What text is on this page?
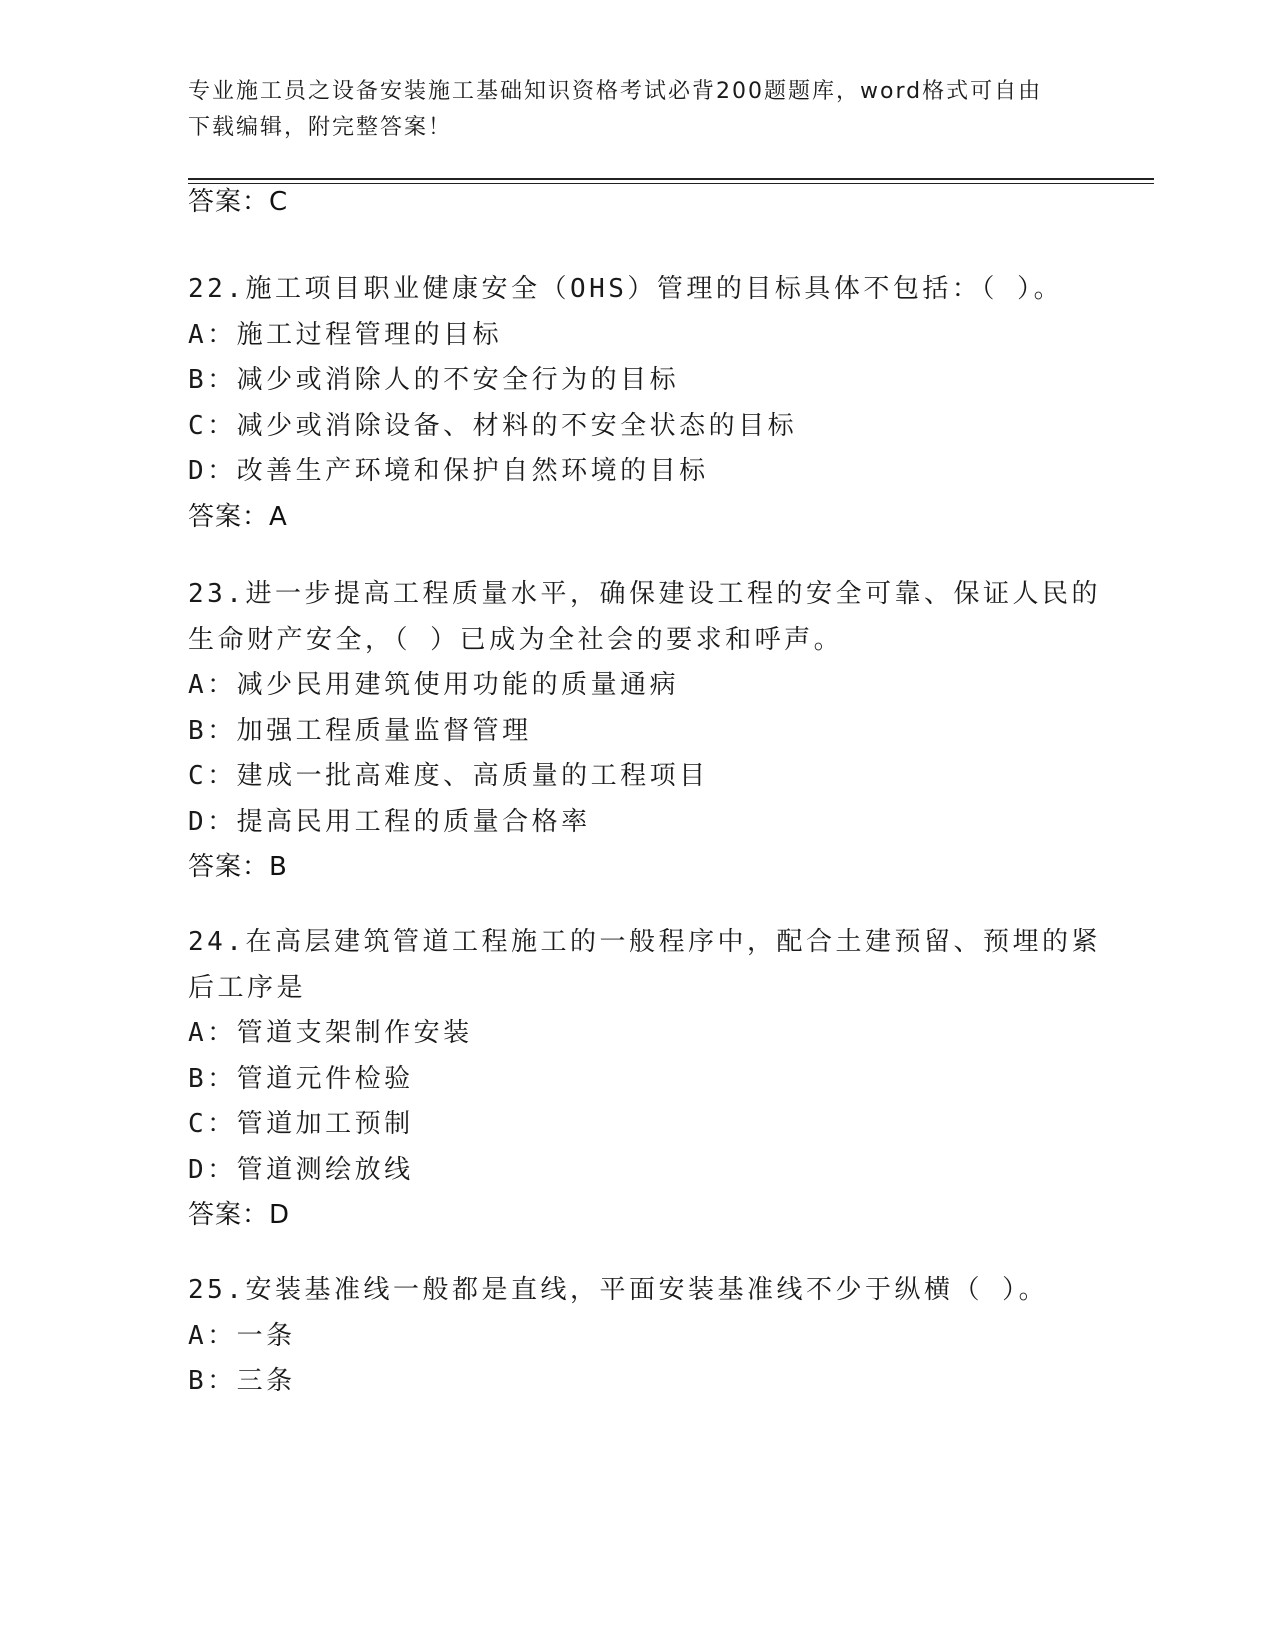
专业施工员之设备安装施工基础知识资格考试必背200题题库，word格式可自由
下载编辑，附完整答案！
答案：C
22.施工项目职业健康安全（OHS）管理的目标具体不包括：（ ）。
A：施工过程管理的目标
B：减少或消除人的不安全行为的目标
C：减少或消除设备、材料的不安全状态的目标
D：改善生产环境和保护自然环境的目标
答案：A
23.进一步提高工程质量水平，确保建设工程的安全可靠、保证人民的
生命财产安全，（ ）已成为全社会的要求和呼声。
A：减少民用建筑使用功能的质量通病
B：加强工程质量监督管理
C：建成一批高难度、高质量的工程项目
D：提高民用工程的质量合格率
答案：B
24.在高层建筑管道工程施工的一般程序中，配合土建预留、预埋的紧
后工序是
A：管道支架制作安装
B：管道元件检验
C：管道加工预制
D：管道测绘放线
答案：D
25.安装基准线一般都是直线，平面安装基准线不少于纵横（ ）。
A：一条
B：三条
